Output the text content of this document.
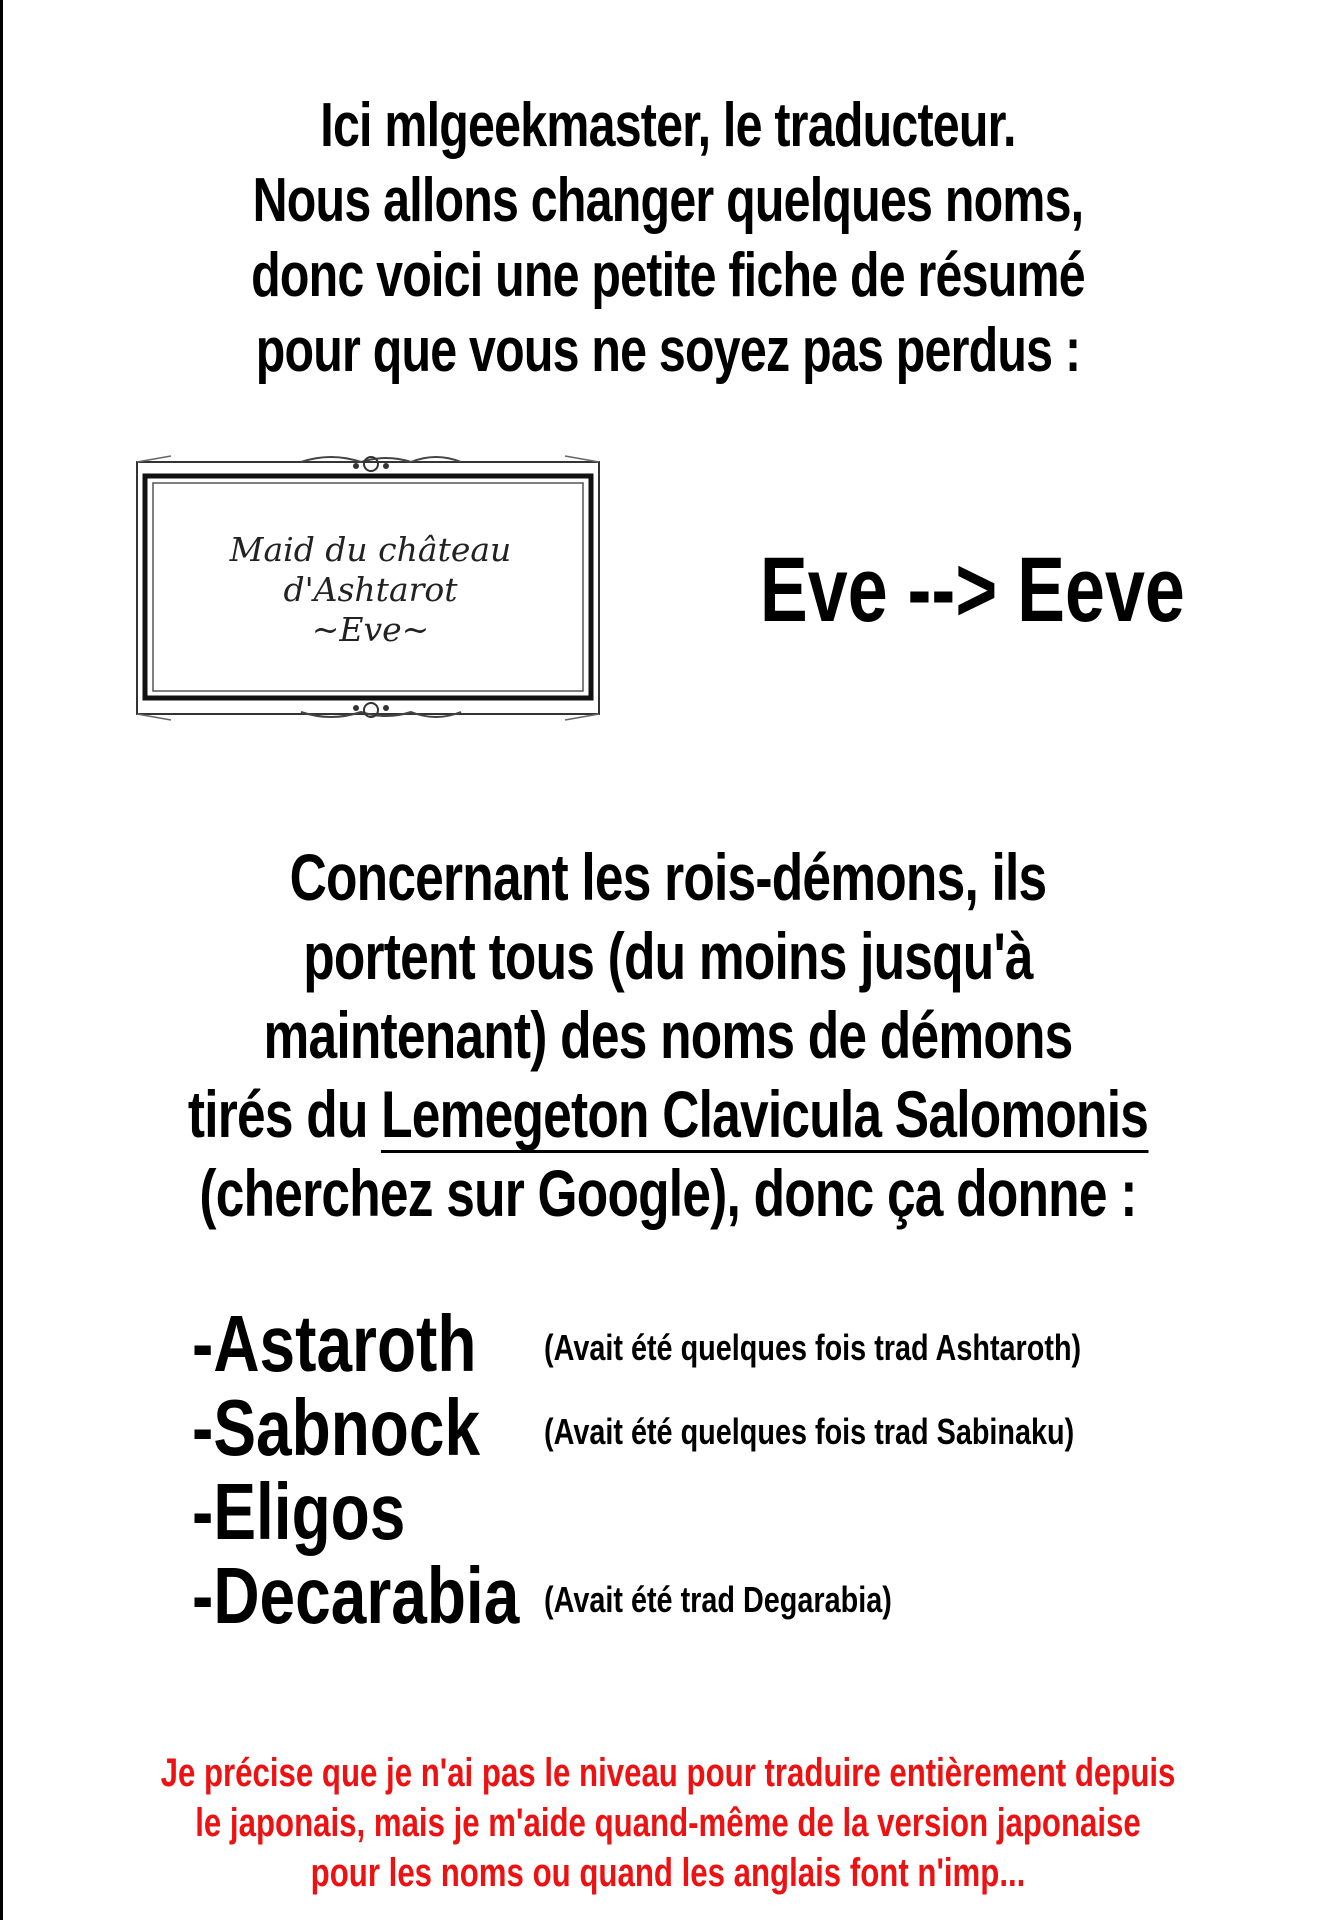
Ici mlgeekmaster, le traducteur.
Nous allons changer quelques noms,
donc voici une petite fiche de résumé
pour que vous ne soyez pas perdus :
Maid du château
d'Ashtarot
~Eve~	Eve --> Eeve
Concernant les rois-démons, ils
portent tous (du moins jusqu'à
maintenant) des noms de démons
tirés du Lemegeton Clavicula Salomonis
(cherchez sur Google), donc ça donne :
-Astaroth (Avait été quelques fois trad Ashtaroth)
-Sabnock (Avait été quelques fois trad Sabinaku)
-Eligos
-Decarabia (Avait été trad Degarabia)
Je précise que je n'ai pas le niveau pour traduire entièrement depuis
le japonais, mais je m'aide quand-même de la version japonaise
pour les noms ou quand les anglais font n'imp...
